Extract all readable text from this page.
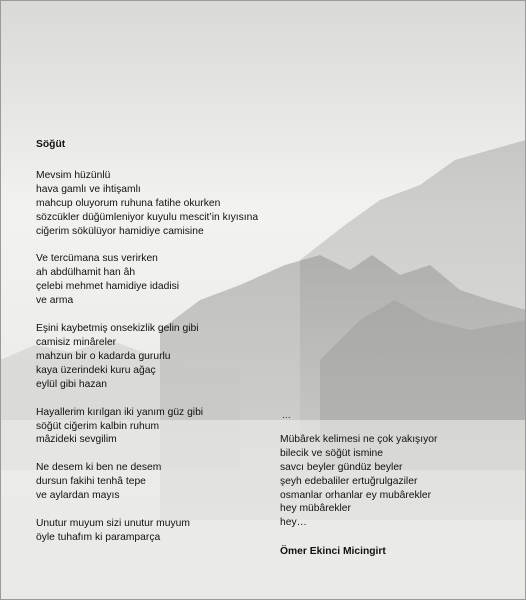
Söğüt
Mevsim hüzünlü
hava gamlı ve ihtişamlı
mahcup oluyorum ruhuna fatihe okurken
sözcükler düğümleniyor kuyulu mescit’in kıyısına
ciğerim sökülüyor hamidiye camisine
Ve tercümana sus verirken
ah abdülhamit han âh
çelebi mehmet hamidiye idadisi
ve arma
Eşini kaybetmiş onsekizlik gelin gibi
camisiz minâreler
mahzun bir o kadarda gururlu
kaya üzerindeki kuru ağaç
eylül gibi hazan
Hayallerim kırılgan iki yanım güz gibi
söğüt ciğerim kalbin ruhum
mâzideki sevgilim
Ne desem ki ben ne desem
dursun fakihi tenhâ tepe
ve aylardan mayıs
Unutur muyum sizi unutur muyum
öyle tuhafım ki paramparça
...
Mübârek kelimesi ne çok yakışıyor
bilecik ve söğüt ismine
savcı beyler gündüz beyler
şeyh edebaliler ertuğrulgaziler
osmanlar orhanlar ey mubârekler
hey mübârekler
hey…
Ömer Ekinci Micingirt
